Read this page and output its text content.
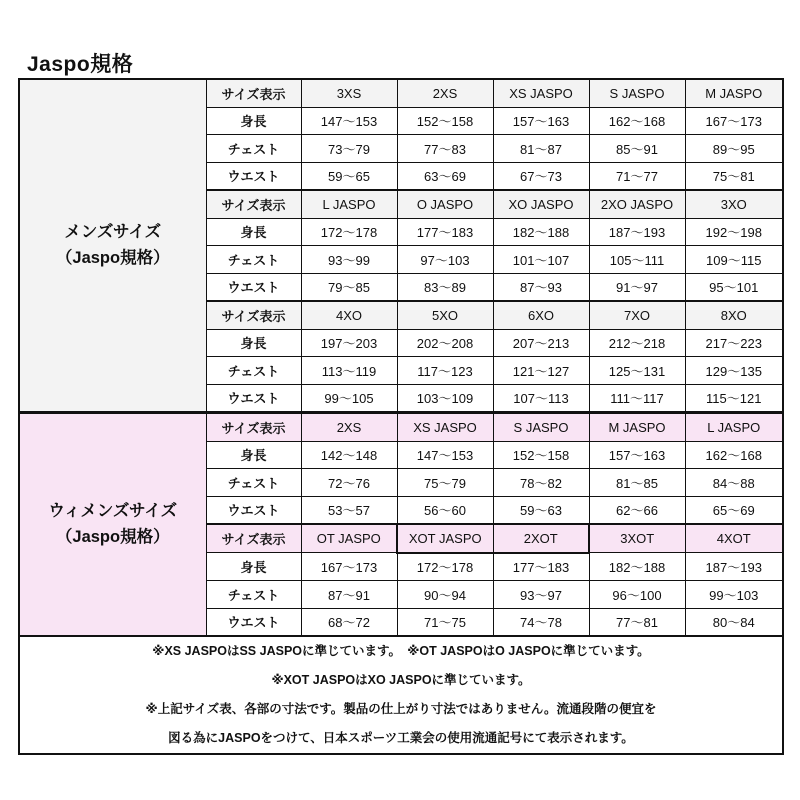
Jaspo規格
メンズサイズ
（Jaspo規格）	サイズ表示	3XS	2XS	XS JASPO	S JASPO	M JASPO
	身長	147～153	152～158	157～163	162～168	167～173
	チェスト	73～79	77～83	81～87	85～91	89～95
	ウエスト	59～65	63～69	67～73	71～77	75～81
	サイズ表示	L JASPO	O JASPO	XO JASPO	2XO JASPO	3XO
	身長	172～178	177～183	182～188	187～193	192～198
	チェスト	93～99	97～103	101～107	105～111	109～115
	ウエスト	79～85	83～89	87～93	91～97	95～101
	サイズ表示	4XO	5XO	6XO	7XO	8XO
	身長	197～203	202～208	207～213	212～218	217～223
	チェスト	113～119	117～123	121～127	125～131	129～135
	ウエスト	99～105	103～109	107～113	111～117	115～121

ウィメンズサイズ
（Jaspo規格）	サイズ表示	2XS	XS JASPO	S JASPO	M JASPO	L JASPO
	身長	142～148	147～153	152～158	157～163	162～168
	チェスト	72～76	75～79	78～82	81～85	84～88
	ウエスト	53～57	56～60	59～63	62～66	65～69
	サイズ表示	OT JASPO	XOT JASPO	2XOT	3XOT	4XOT
	身長	167～173	172～178	177～183	182～188	187～193
	チェスト	87～91	90～94	93～97	96～100	99～103
	ウエスト	68～72	71～75	74～78	77～81	80～84

※XS JASPOはSS JASPOに準じています。　※OT JASPOはO JASPOに準じています。
※XOT JASPOはXO JASPOに準じています。
※上記サイズ表、各部の寸法です。製品の仕上がり寸法ではありません。流通段階の便宜を
図る為にJASPOをつけて、日本スポーツ工業会の使用流通記号にて表示されます。						
